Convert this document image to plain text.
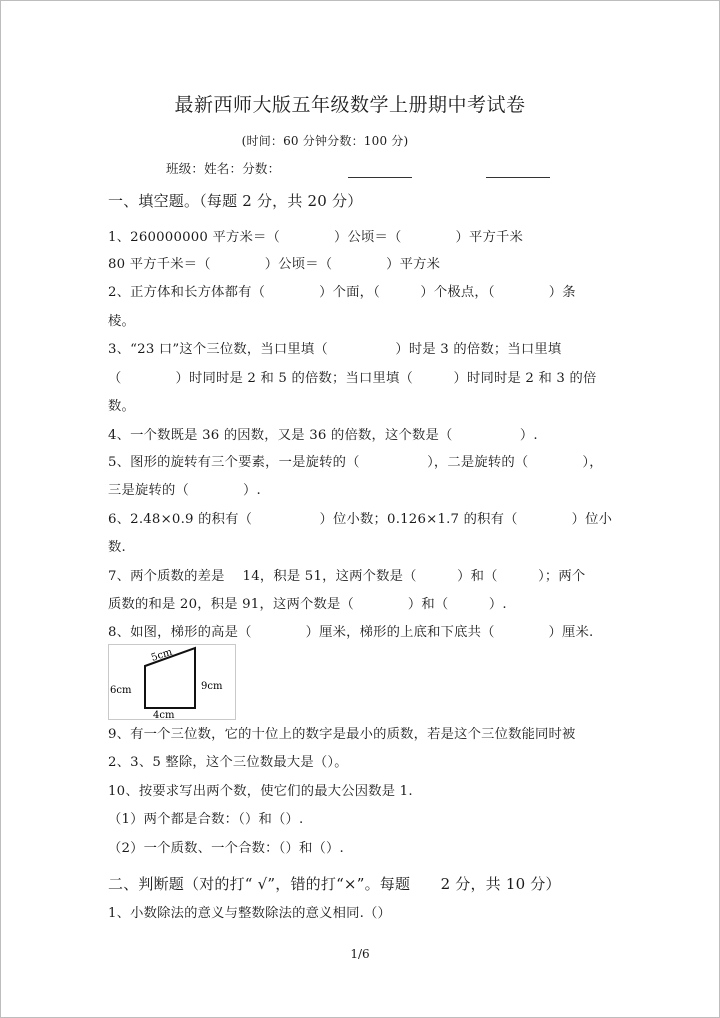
最新西师大版五年级数学上册期中考试卷
(时间：60 分钟分数：100 分)
班级：姓名：分数：
一、填空题。（每题 2 分，共 20 分）
1、260000000 平方米＝（　　　　）公顷＝（　　　　）平方千米
80 平方千米＝（　　　　）公顷＝（　　　　）平方米
2、正方体和长方体都有（　　　　）个面，（　　　）个极点，（　　　　）条
棱。
3、“23 口”这个三位数，当口里填（　　　　　）时是 3 的倍数；当口里填
（　　　　）时同时是 2 和 5 的倍数；当口里填（　　　）时同时是 2 和 3 的倍
数。
4、一个数既是 36 的因数，又是 36 的倍数，这个数是（　　　　　）.
5、图形的旋转有三个要素，一是旋转的（　　　　　），二是旋转的（　　　　），
三是旋转的（　　　　）.
6、2.48×0.9 的积有（　　　　　）位小数；0.126×1.7 的积有（　　　　）位小
数.
7、两个质数的差是　 14，积是 51，这两个数是（　　　）和（　　　）；两个
质数的和是 20，积是 91，这两个数是（　　　　）和（　　　）.
8、如图，梯形的高是（　　　　）厘米，梯形的上底和下底共（　　　　）厘米.
5cm
6cm	9cm
4cm
9、有一个三位数，它的十位上的数字是最小的质数，若是这个三位数能同时被
2、3、5 整除，这个三位数最大是（）。
10、按要求写出两个数，使它们的最大公因数是 1.
（1）两个都是合数：（）和（）.
（2）一个质数、一个合数：（）和（）.
二、判断题（对的打“ √”，错的打“×”。每题　　2 分，共 10 分）
1、小数除法的意义与整数除法的意义相同.（）
1/6
